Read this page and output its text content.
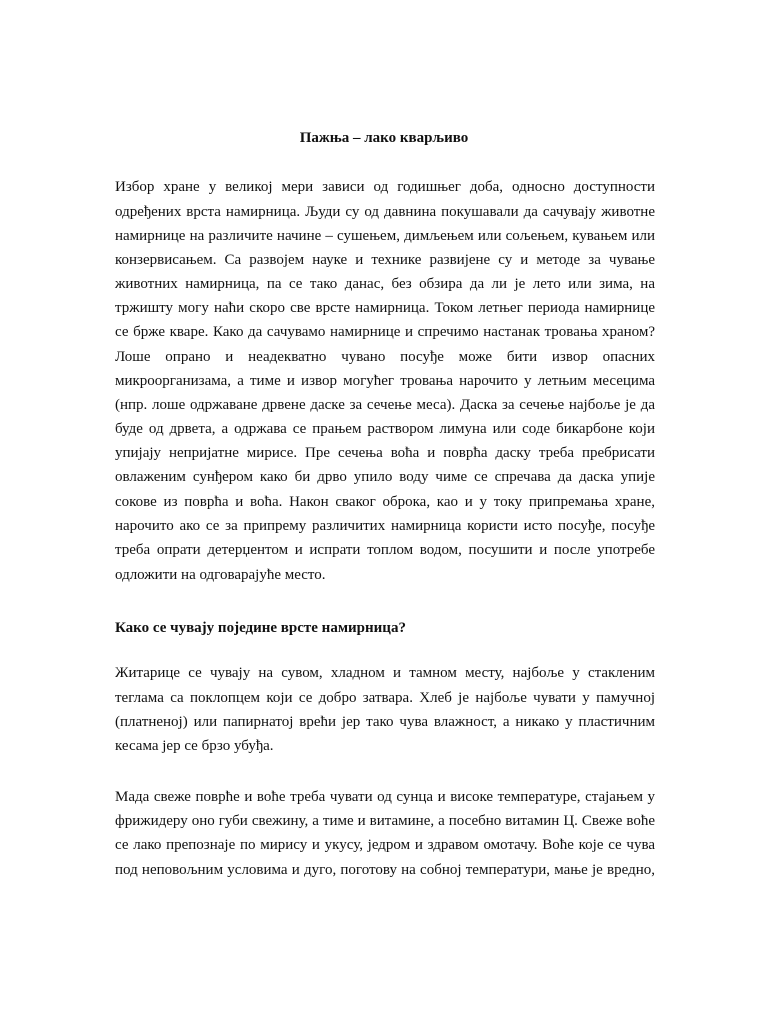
Пажња – лако кварљиво
Избор хране у великој мери зависи од годишњег доба, односно доступности
одређених врста намирница. Људи су од давнина покушавали да сачувају животне
намирнице на различите начине – сушењем, димљењем или сољењем, кувањем или
конзервисањем. Са развојем науке и технике развијене су и методе за чување
животних намирница, па се тако данас, без обзира да ли је лето или зима, на
тржишту могу наћи скоро све врсте намирница. Током летњег периода намирнице
се брже кваре. Како да сачувамо намирнице и спречимо настанак тровања храном?
Лоше опрано и неадекватно чувано посуђе може бити извор опасних
микроорганизама, а тиме и извор могућег тровања нарочито у летњим месецима
(нпр. лоше одржаване дрвене даске за сечење меса). Даска за сечење најбоље је да
буде од дрвета, а одржава се прањем раствором лимуна или соде бикарбоне који
упијају непријатне мирисе. Пре сечења воћа и поврћа даску треба пребрисати
овлаженим сунђером како би дрво упило воду чиме се спречава да даска упије
сокове из поврћа и воћа. Након сваког оброка, као и у току припремања хране,
нарочито ако се за припрему различитих намирница користи исто посуђе, посуђе
треба опрати детерџентом и испрати топлом водом, посушити и после употребе
одложити на одговарајуће место.
Како се чувају поједине врсте намирница?
Житарице се чувају на сувом, хладном и тамном месту, најбоље у стакленим
тегламa са поклопцем који се добро затвара. Хлеб је најбоље чувати у памучној
(платненој) или папирнатој врећи јер тако чува влажност, а никако у пластичним
кесама јер се брзо убуђа.
Мада свеже поврће и воће треба чувати од сунца и високе температуре, стајањем у
фрижидеру оно губи свежину, а тиме и витамине, а посебно витамин Ц. Свеже воће
се лако препознаје по мирису и укусу, једром и здравом омотачу. Воће које се чува
под неповољним условима и дуго, поготову на собној температури, мање је вредно,
